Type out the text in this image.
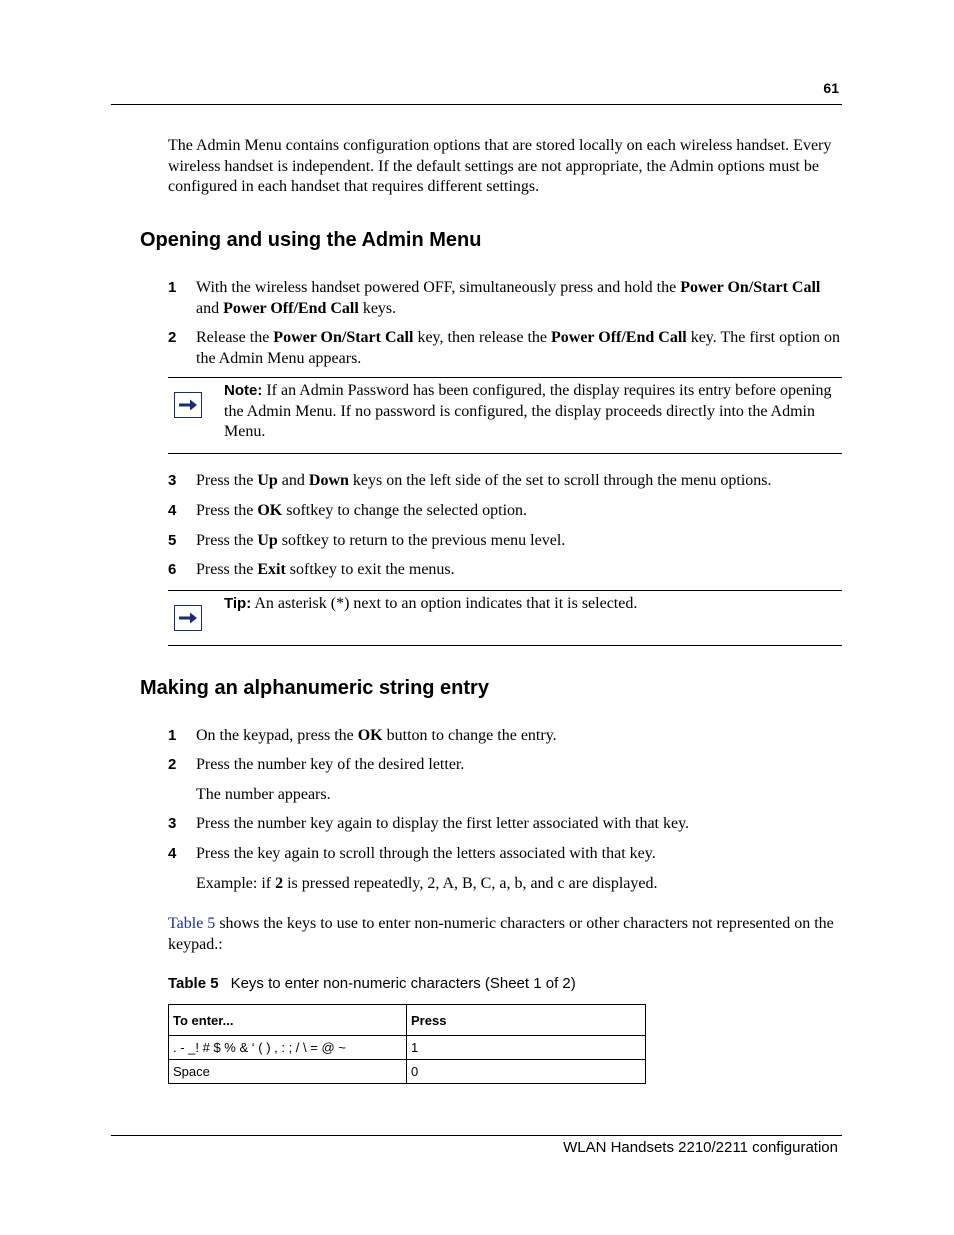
61
The Admin Menu contains configuration options that are stored locally on each wireless handset. Every wireless handset is independent. If the default settings are not appropriate, the Admin options must be configured in each handset that requires different settings.
Opening and using the Admin Menu
1 With the wireless handset powered OFF, simultaneously press and hold the Power On/Start Call and Power Off/End Call keys.
2 Release the Power On/Start Call key, then release the Power Off/End Call key. The first option on the Admin Menu appears.
Note: If an Admin Password has been configured, the display requires its entry before opening the Admin Menu. If no password is configured, the display proceeds directly into the Admin Menu.
3 Press the Up and Down keys on the left side of the set to scroll through the menu options.
4 Press the OK softkey to change the selected option.
5 Press the Up softkey to return to the previous menu level.
6 Press the Exit softkey to exit the menus.
Tip: An asterisk (*) next to an option indicates that it is selected.
Making an alphanumeric string entry
1 On the keypad, press the OK button to change the entry.
2 Press the number key of the desired letter.
The number appears.
3 Press the number key again to display the first letter associated with that key.
4 Press the key again to scroll through the letters associated with that key.
Example: if 2 is pressed repeatedly, 2, A, B, C, a, b, and c are displayed.
Table 5 shows the keys to use to enter non-numeric characters or other characters not represented on the keypad.:
Table 5 Keys to enter non-numeric characters (Sheet 1 of 2)
To enter...	Press
. - _! # $ % & ‘ ( ) , : ; / \ = @ ~	1
Space	0
WLAN Handsets 2210/2211 configuration
